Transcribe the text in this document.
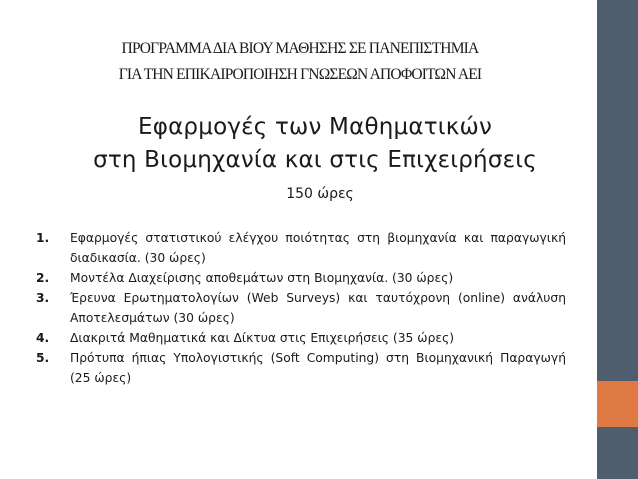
ΠΡΟΓΡΑΜΜΑ ΔΙΑ ΒΙΟΥ ΜΑΘΗΣΗΣ ΣΕ ΠΑΝΕΠΙΣΤΗΜΙΑ
ΓΙΑ ΤΗΝ ΕΠΙΚΑΙΡΟΠΟΙΗΣΗ ΓΝΩΣΕΩΝ ΑΠΟΦΟΙΤΩΝ ΑΕΙ
Εφαρμογές των Μαθηματικών
στη Βιομηχανία και στις Επιχειρήσεις
150 ώρες
1. Εφαρμογές στατιστικού ελέγχου ποιότητας στη βιομηχανία και παραγωγική διαδικασία. (30 ώρες)
2. Μοντέλα Διαχείρισης αποθεμάτων στη Βιομηχανία. (30 ώρες)
3. Έρευνα Ερωτηματολογίων (Web Surveys) και ταυτόχρονη (online) ανάλυση Αποτελεσμάτων (30 ώρες)
4. Διακριτά Μαθηματικά και Δίκτυα στις Επιχειρήσεις (35 ώρες)
5. Πρότυπα ήπιας Υπολογιστικής (Soft Computing) στη Βιομηχανική Παραγωγή (25 ώρες)
